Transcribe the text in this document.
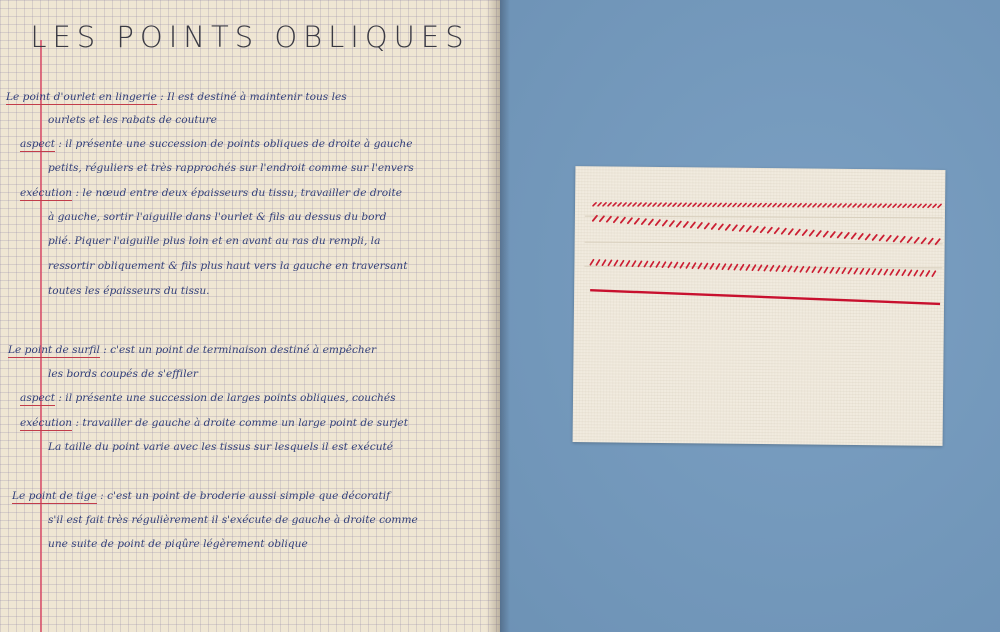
LES POINTS OBLIQUES
Le point d'ourlet en lingerie : Il est destiné à maintenir tous les
ourlets et les rabats de couture
aspect : il présente une succession de points obliques de droite à gauche
petits, réguliers et très rapprochés sur l'endroit comme sur l'envers
exécution : le nœud entre deux épaisseurs du tissu, travailler de droite
à gauche, sortir l'aiguille dans l'ourlet & fils au dessus du bord
plié. Piquer l'aiguille plus loin et en avant au ras du rempli, la
ressortir obliquement & fils plus haut vers la gauche en traversant
toutes les épaisseurs du tissu.
Le point de surfil : c'est un point de terminaison destiné à empêcher
les bords coupés de s'effiler
aspect : il présente une succession de larges points obliques, couchés
exécution : travailler de gauche à droite comme un large point de surjet
La taille du point varie avec les tissus sur lesquels il est exécuté
Le point de tige : c'est un point de broderie aussi simple que décoratif
s'il est fait très régulièrement il s'exécute de gauche à droite comme
une suite de point de piqûre légèrement oblique
